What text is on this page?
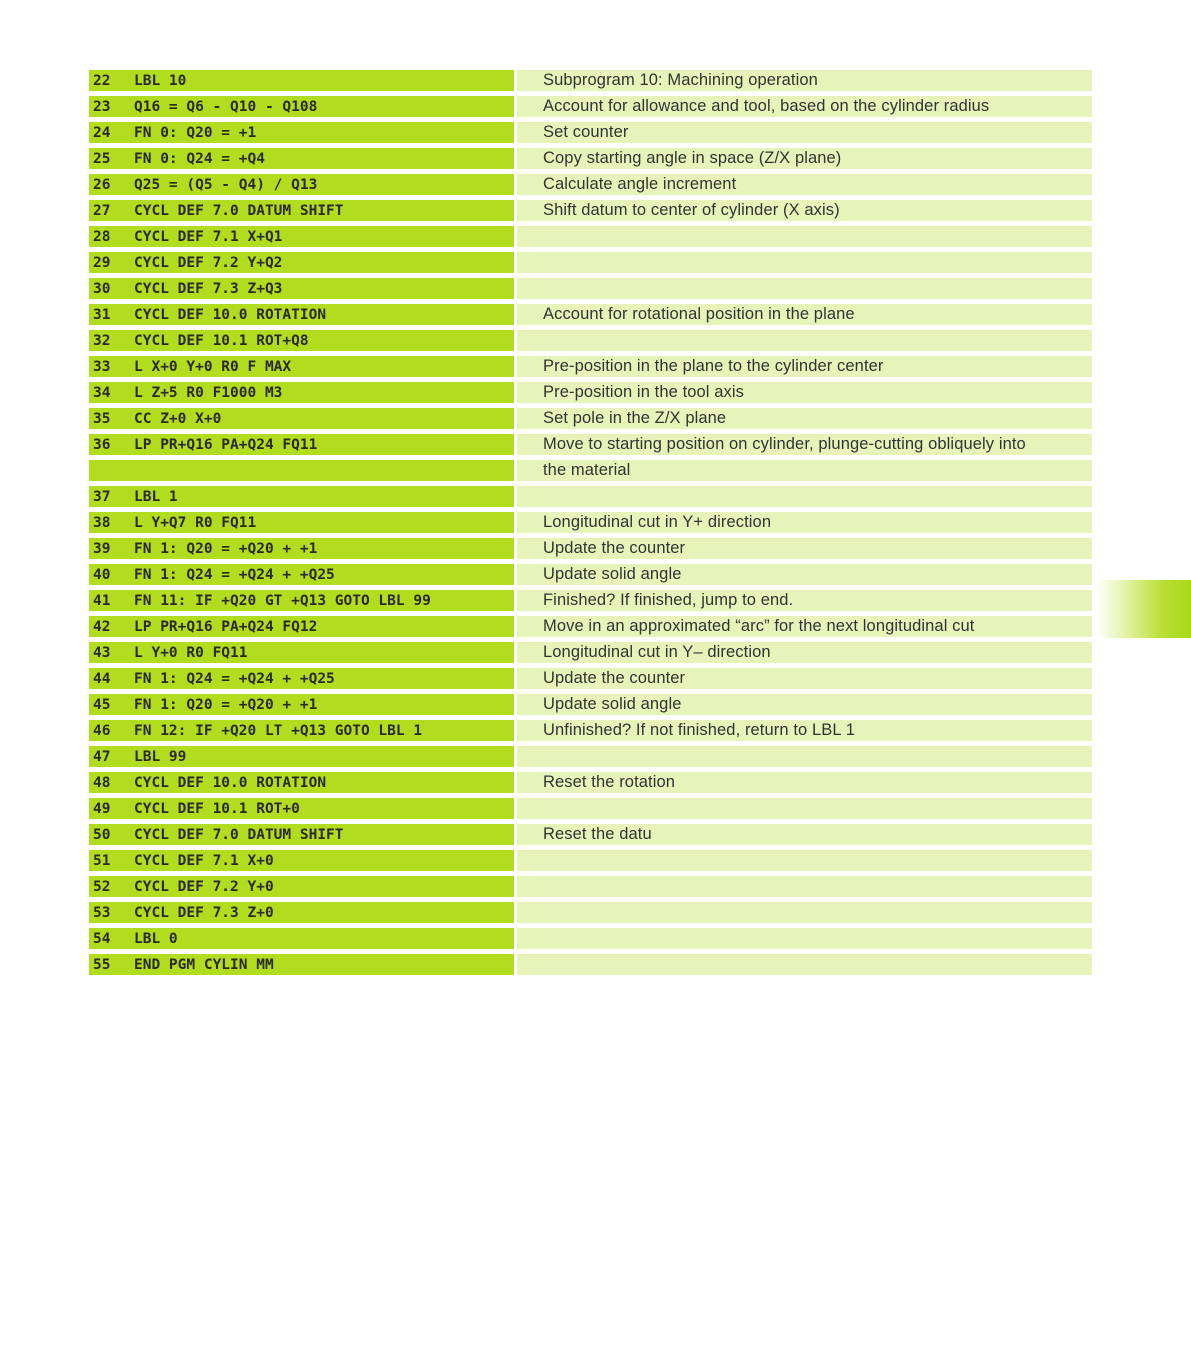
22	LBL 10	Subprogram 10: Machining operation
23	Q16 = Q6 - Q10 - Q108	Account for allowance and tool, based on the cylinder radius
24	FN 0: Q20 = +1	Set counter
25	FN 0: Q24 = +Q4	Copy starting angle in space (Z/X plane)
26	Q25 = (Q5 - Q4) / Q13	Calculate angle increment
27	CYCL DEF 7.0 DATUM SHIFT	Shift datum to center of cylinder (X axis)
28	CYCL DEF 7.1 X+Q1
29	CYCL DEF 7.2 Y+Q2
30	CYCL DEF 7.3 Z+Q3
31	CYCL DEF 10.0 ROTATION	Account for rotational position in the plane
32	CYCL DEF 10.1 ROT+Q8
33	L X+0 Y+0 R0 F MAX	Pre-position in the plane to the cylinder center
34	L Z+5 R0 F1000 M3	Pre-position in the tool axis
35	CC Z+0 X+0	Set pole in the Z/X plane
36	LP PR+Q16 PA+Q24 FQ11	Move to starting position on cylinder, plunge-cutting obliquely into
the material
37	LBL 1
38	L Y+Q7 R0 FQ11	Longitudinal cut in Y+ direction
39	FN 1: Q20 = +Q20 + +1	Update the counter
40	FN 1: Q24 = +Q24 + +Q25	Update solid angle
41	FN 11: IF +Q20 GT +Q13 GOTO LBL 99	Finished? If finished, jump to end.
42	LP PR+Q16 PA+Q24 FQ12	Move in an approximated “arc” for the next longitudinal cut
43	L Y+0 R0 FQ11	Longitudinal cut in Y– direction
44	FN 1: Q24 = +Q24 + +Q25	Update the counter
45	FN 1: Q20 = +Q20 + +1	Update solid angle
46	FN 12: IF +Q20 LT +Q13 GOTO LBL 1	Unfinished? If not finished, return to LBL 1
47	LBL 99
48	CYCL DEF 10.0 ROTATION	Reset the rotation
49	CYCL DEF 10.1 ROT+0
50	CYCL DEF 7.0 DATUM SHIFT	Reset the datu
51	CYCL DEF 7.1 X+0
52	CYCL DEF 7.2 Y+0
53	CYCL DEF 7.3 Z+0
54	LBL 0
55	END PGM CYLIN MM
